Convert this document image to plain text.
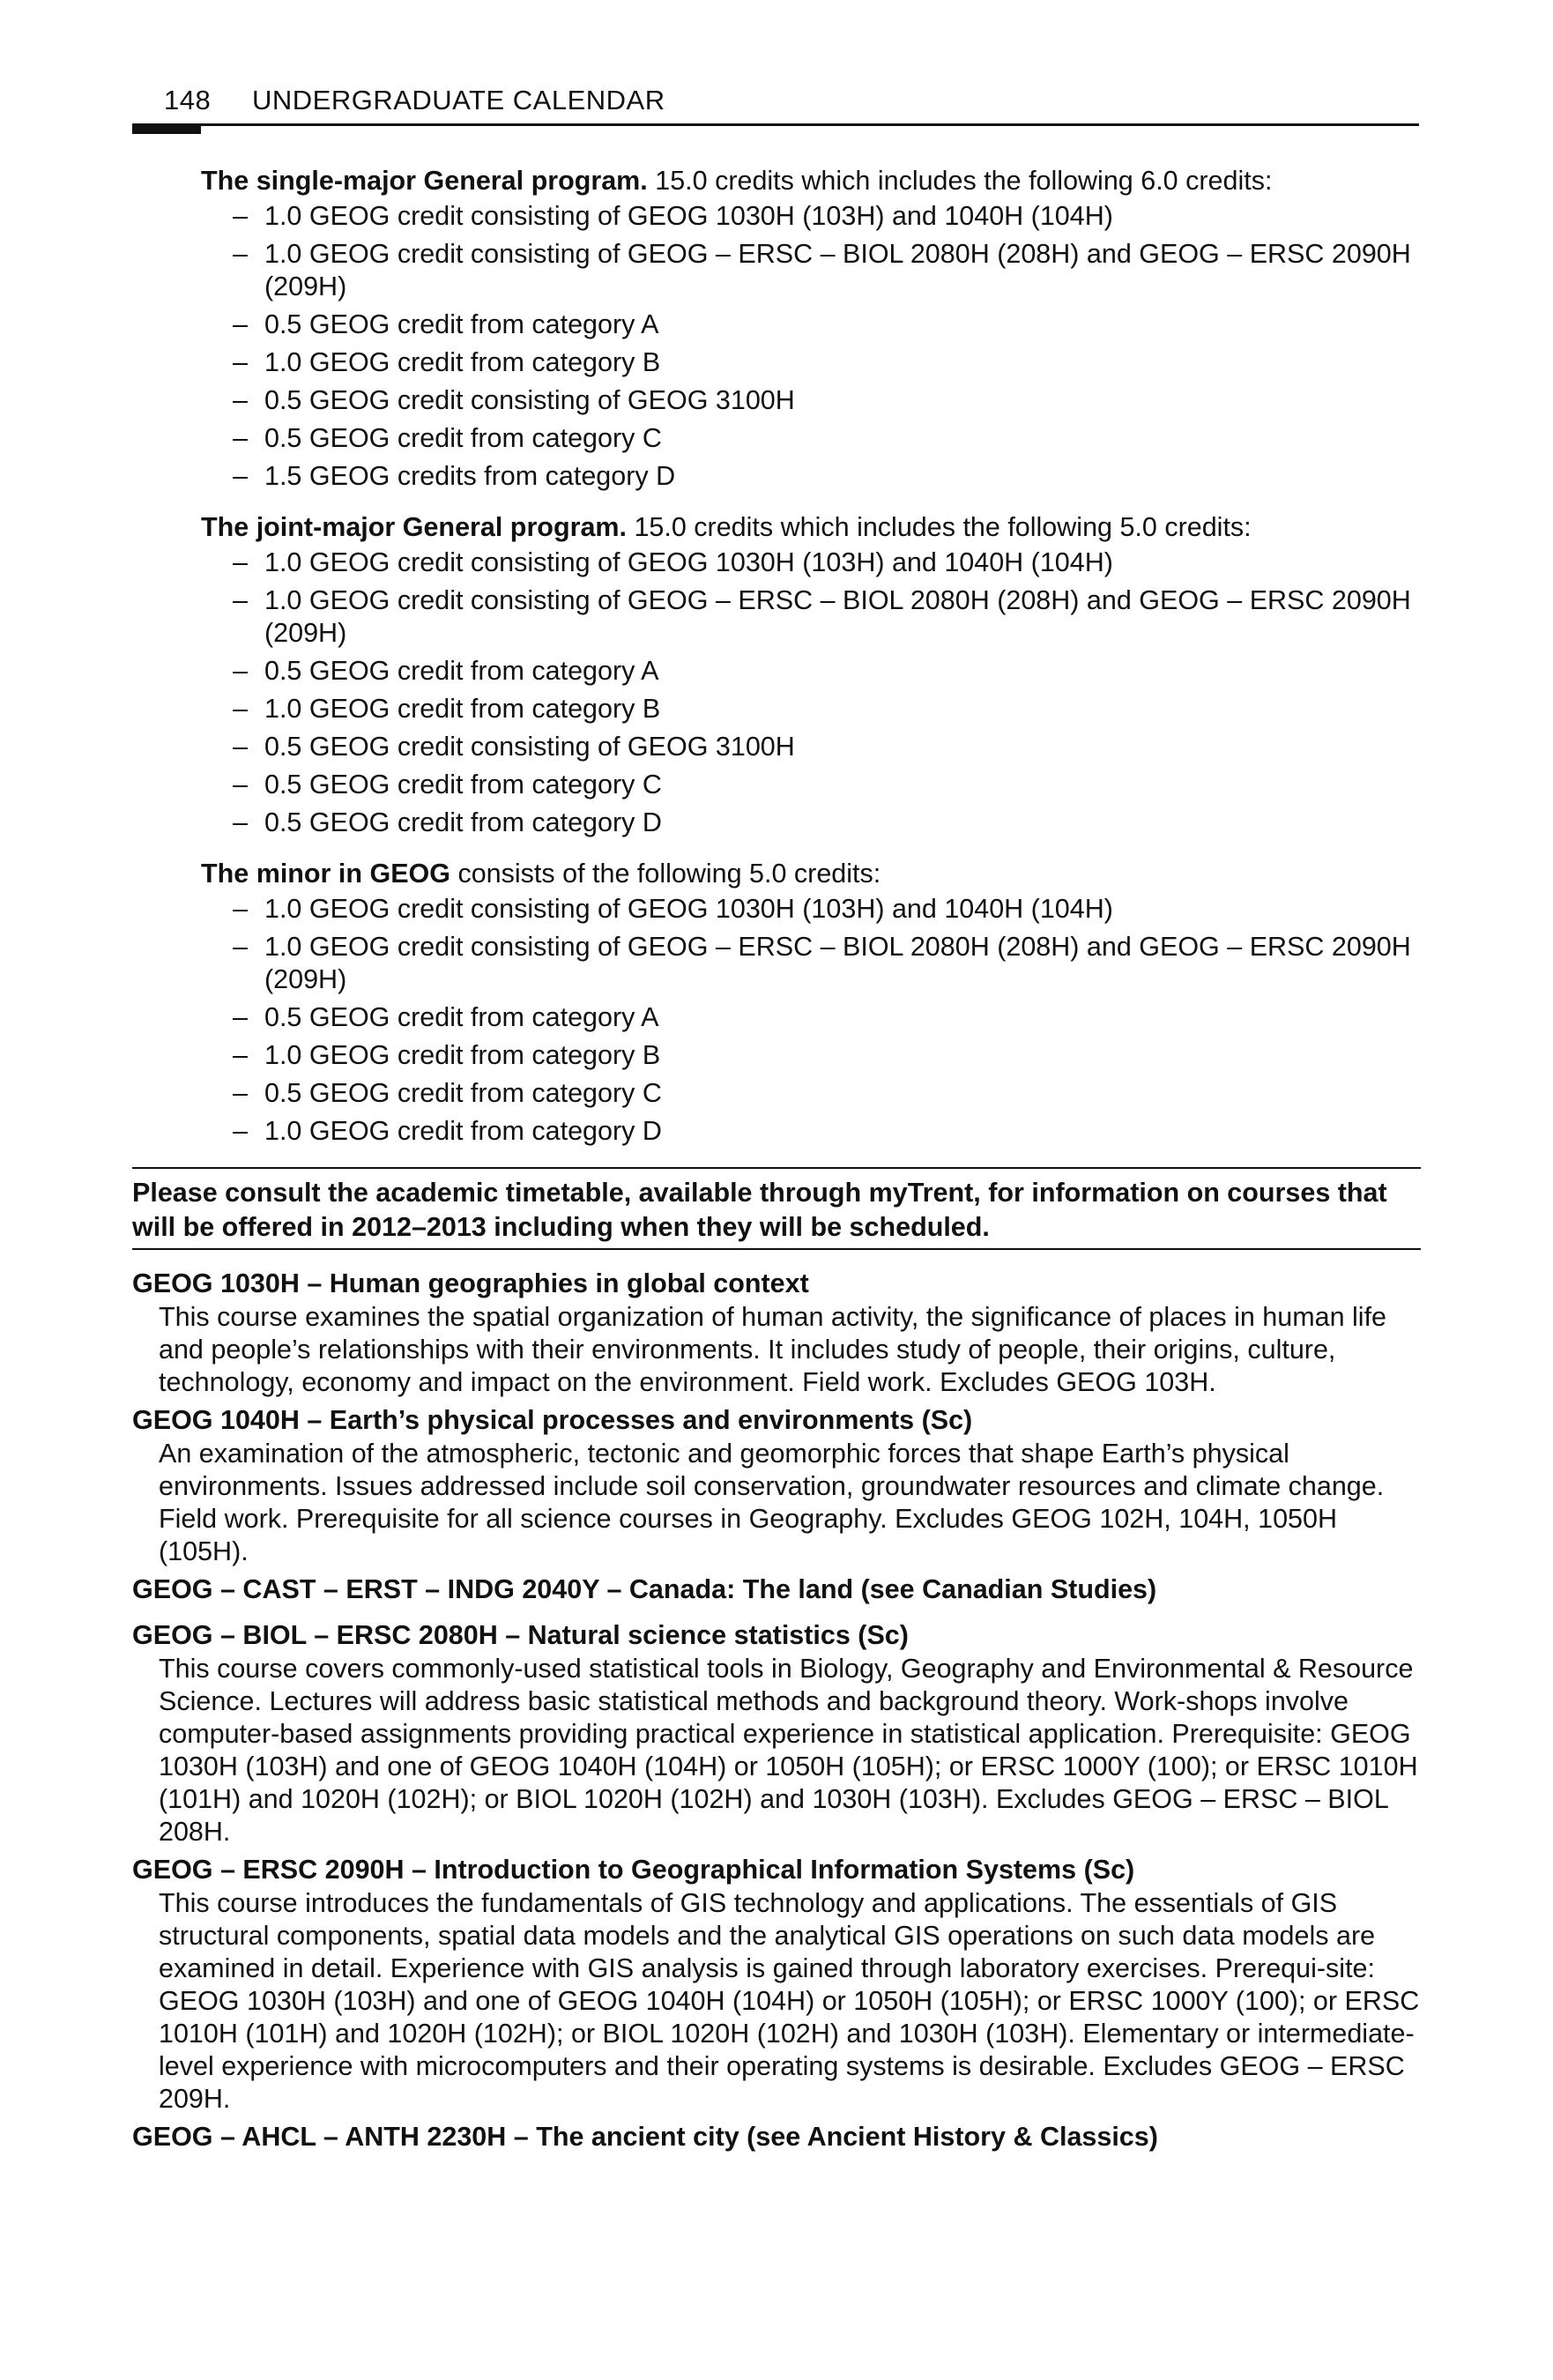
148 UNDERGRADUATE CALENDAR

The single-major General program. 15.0 credits which includes the following 6.0 credits:

– 1.0 GEOG credit consisting of GEOG 1030H (103H) and 1040H (104H)
– 1.0 GEOG credit consisting of GEOG – ERSC – BIOL 2080H (208H) and GEOG – ERSC 2090H (209H)
– 0.5 GEOG credit from category A
– 1.0 GEOG credit from category B
– 0.5 GEOG credit consisting of GEOG 3100H
– 0.5 GEOG credit from category C
– 1.5 GEOG credits from category D

The joint-major General program. 15.0 credits which includes the following 5.0 credits:

– 1.0 GEOG credit consisting of GEOG 1030H (103H) and 1040H (104H)
– 1.0 GEOG credit consisting of GEOG – ERSC – BIOL 2080H (208H) and GEOG – ERSC 2090H (209H)
– 0.5 GEOG credit from category A
– 1.0 GEOG credit from category B
– 0.5 GEOG credit consisting of GEOG 3100H
– 0.5 GEOG credit from category C
– 0.5 GEOG credit from category D

The minor in GEOG consists of the following 5.0 credits:

– 1.0 GEOG credit consisting of GEOG 1030H (103H) and 1040H (104H)
– 1.0 GEOG credit consisting of GEOG – ERSC – BIOL 2080H (208H) and GEOG – ERSC 2090H (209H)
– 0.5 GEOG credit from category A
– 1.0 GEOG credit from category B
– 0.5 GEOG credit from category C
– 1.0 GEOG credit from category D
Please consult the academic timetable, available through myTrent, for information on courses that will be offered in 2012–2013 including when they will be scheduled.
GEOG 1030H – Human geographies in global context
This course examines the spatial organization of human activity, the significance of places in human life and people’s relationships with their environments. It includes study of people, their origins, culture, technology, economy and impact on the environment. Field work. Excludes GEOG 103H.
GEOG 1040H – Earth’s physical processes and environments (Sc)
An examination of the atmospheric, tectonic and geomorphic forces that shape Earth’s physical environments. Issues addressed include soil conservation, groundwater resources and climate change. Field work. Prerequisite for all science courses in Geography. Excludes GEOG 102H, 104H, 1050H (105H).
GEOG – CAST – ERST – INDG 2040Y – Canada: The land (see Canadian Studies)
GEOG – BIOL – ERSC 2080H – Natural science statistics (Sc)
This course covers commonly-used statistical tools in Biology, Geography and Environmental & Resource Science. Lectures will address basic statistical methods and background theory. Work-shops involve computer-based assignments providing practical experience in statistical application. Prerequisite: GEOG 1030H (103H) and one of GEOG 1040H (104H) or 1050H (105H); or ERSC 1000Y (100); or ERSC 1010H (101H) and 1020H (102H); or BIOL 1020H (102H) and 1030H (103H). Excludes GEOG – ERSC – BIOL 208H.
GEOG – ERSC 2090H – Introduction to Geographical Information Systems (Sc)
This course introduces the fundamentals of GIS technology and applications. The essentials of GIS structural components, spatial data models and the analytical GIS operations on such data models are examined in detail. Experience with GIS analysis is gained through laboratory exercises. Prerequi-site: GEOG 1030H (103H) and one of GEOG 1040H (104H) or 1050H (105H); or ERSC 1000Y (100); or ERSC 1010H (101H) and 1020H (102H); or BIOL 1020H (102H) and 1030H (103H). Elementary or intermediate-level experience with microcomputers and their operating systems is desirable. Excludes GEOG – ERSC 209H.
GEOG – AHCL – ANTH 2230H – The ancient city (see Ancient History & Classics)
